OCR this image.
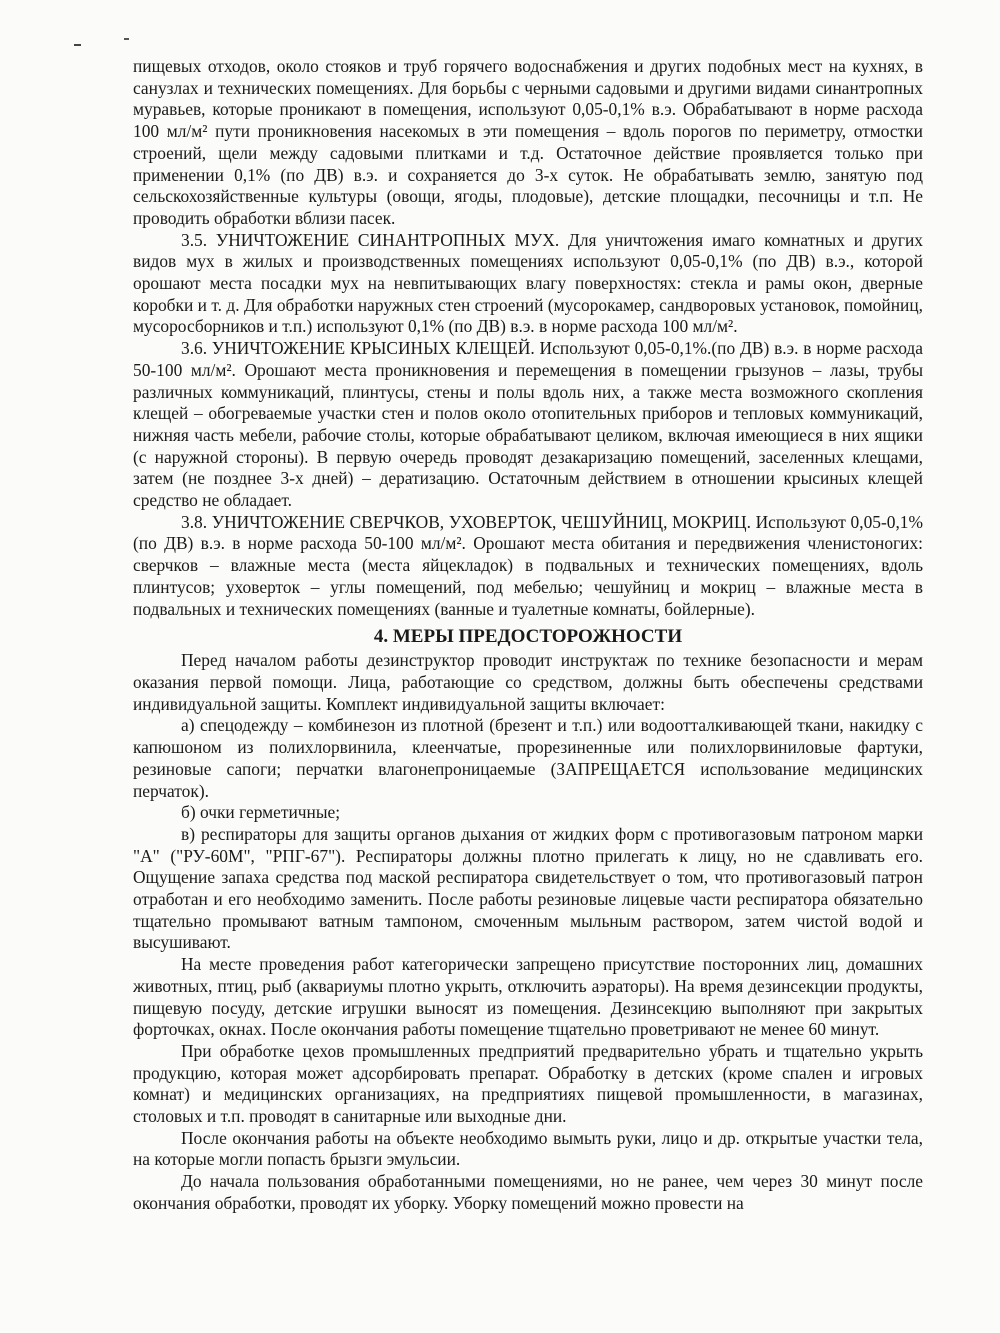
пищевых отходов, около стояков и труб горячего водоснабжения и других подобных мест на кухнях, в санузлах и технических помещениях. Для борьбы с черными садовыми и другими видами синантропных муравьев, которые проникают в помещения, используют 0,05-0,1% в.э. Обрабатывают в норме расхода 100 мл/м² пути проникновения насекомых в эти помещения – вдоль порогов по периметру, отмостки строений, щели между садовыми плитками и т.д. Остаточное действие проявляется только при применении 0,1% (по ДВ) в.э. и сохраняется до 3-х суток. Не обрабатывать землю, занятую под сельскохозяйственные культуры (овощи, ягоды, плодовые), детские площадки, песочницы и т.п. Не проводить обработки вблизи пасек.

3.5. УНИЧТОЖЕНИЕ СИНАНТРОПНЫХ МУХ. Для уничтожения имаго комнатных и других видов мух в жилых и производственных помещениях используют 0,05-0,1% (по ДВ) в.э., которой орошают места посадки мух на невпитывающих влагу поверхностях: стекла и рамы окон, дверные коробки и т. д. Для обработки наружных стен строений (мусорокамер, сандворовых установок, помойниц, мусоросборников и т.п.) используют 0,1% (по ДВ) в.э. в норме расхода 100 мл/м².

3.6. УНИЧТОЖЕНИЕ КРЫСИНЫХ КЛЕЩЕЙ. Используют 0,05-0,1%.(по ДВ) в.э. в норме расхода 50-100 мл/м². Орошают места проникновения и перемещения в помещении грызунов – лазы, трубы различных коммуникаций, плинтусы, стены и полы вдоль них, а также места возможного скопления клещей – обогреваемые участки стен и полов около отопительных приборов и тепловых коммуникаций, нижняя часть мебели, рабочие столы, которые обрабатывают целиком, включая имеющиеся в них ящики (с наружной стороны). В первую очередь проводят дезакаризацию помещений, заселенных клещами, затем (не позднее 3-х дней) – дератизацию. Остаточным действием в отношении крысиных клещей средство не обладает.

3.8. УНИЧТОЖЕНИЕ СВЕРЧКОВ, УХОВЕРТОК, ЧЕШУЙНИЦ, МОКРИЦ. Используют 0,05-0,1% (по ДВ) в.э. в норме расхода 50-100 мл/м². Орошают места обитания и передвижения членистоногих: сверчков – влажные места (места яйцекладок) в подвальных и технических помещениях, вдоль плинтусов; уховерток – углы помещений, под мебелью; чешуйниц и мокриц – влажные места в подвальных и технических помещениях (ванные и туалетные комнаты, бойлерные).

4. МЕРЫ ПРЕДОСТОРОЖНОСТИ

Перед началом работы дезинструктор проводит инструктаж по технике безопасности и мерам оказания первой помощи. Лица, работающие со средством, должны быть обеспечены средствами индивидуальной защиты. Комплект индивидуальной защиты включает:

а) спецодежду – комбинезон из плотной (брезент и т.п.) или водоотталкивающей ткани, накидку с капюшоном из полихлорвинила, клеенчатые, прорезиненные или полихлорвиниловые фартуки, резиновые сапоги; перчатки влагонепроницаемые (ЗАПРЕЩАЕТСЯ использование медицинских перчаток).

б) очки герметичные;

в) респираторы для защиты органов дыхания от жидких форм с противогазовым патроном марки "А" ("РУ-60М", "РПГ-67"). Респираторы должны плотно прилегать к лицу, но не сдавливать его. Ощущение запаха средства под маской респиратора свидетельствует о том, что противогазовый патрон отработан и его необходимо заменить. После работы резиновые лицевые части респиратора обязательно тщательно промывают ватным тампоном, смоченным мыльным раствором, затем чистой водой и высушивают.

На месте проведения работ категорически запрещено присутствие посторонних лиц, домашних животных, птиц, рыб (аквариумы плотно укрыть, отключить аэраторы). На время дезинсекции продукты, пищевую посуду, детские игрушки выносят из помещения. Дезинсекцию выполняют при закрытых форточках, окнах. После окончания работы помещение тщательно проветривают не менее 60 минут.

При обработке цехов промышленных предприятий предварительно убрать и тщательно укрыть продукцию, которая может адсорбировать препарат. Обработку в детских (кроме спален и игровых комнат) и медицинских организациях, на предприятиях пищевой промышленности, в магазинах, столовых и т.п. проводят в санитарные или выходные дни.

После окончания работы на объекте необходимо вымыть руки, лицо и др. открытые участки тела, на которые могли попасть брызги эмульсии.

До начала пользования обработанными помещениями, но не ранее, чем через 30 минут после окончания обработки, проводят их уборку. Уборку помещений можно провести на
